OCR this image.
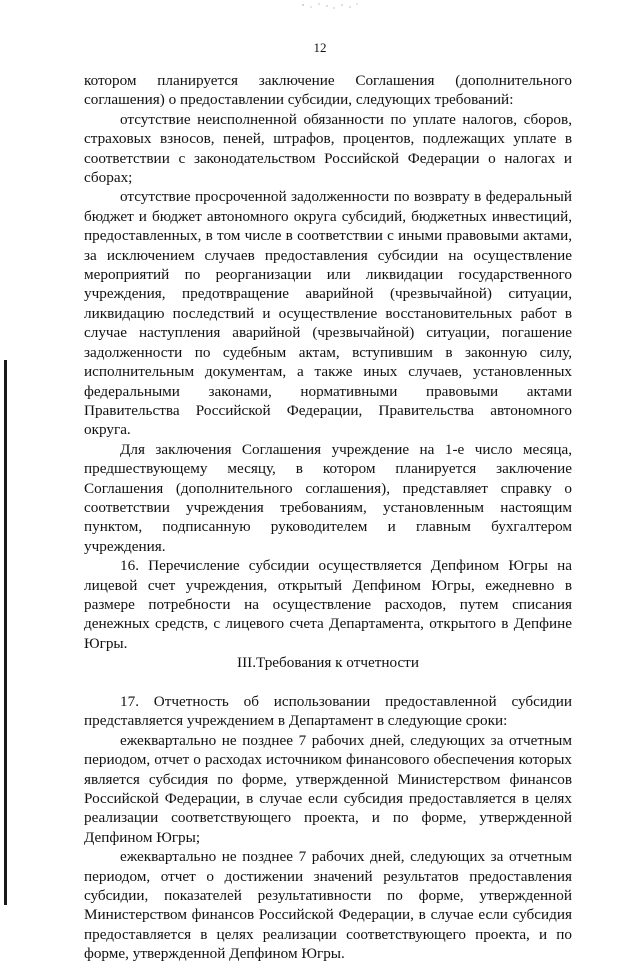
12

котором планируется заключение Соглашения (дополнительного соглашения) о предоставлении субсидии, следующих требований:

отсутствие неисполненной обязанности по уплате налогов, сборов, страховых взносов, пеней, штрафов, процентов, подлежащих уплате в соответствии с законодательством Российской Федерации о налогах и сборах;

отсутствие просроченной задолженности по возврату в федеральный бюджет и бюджет автономного округа субсидий, бюджетных инвестиций, предоставленных, в том числе в соответствии с иными правовыми актами, за исключением случаев предоставления субсидии на осуществление мероприятий по реорганизации или ликвидации государственного учреждения, предотвращение аварийной (чрезвычайной) ситуации, ликвидацию последствий и осуществление восстановительных работ в случае наступления аварийной (чрезвычайной) ситуации, погашение задолженности по судебным актам, вступившим в законную силу, исполнительным документам, а также иных случаев, установленных федеральными законами, нормативными правовыми актами Правительства Российской Федерации, Правительства автономного округа.

Для заключения Соглашения учреждение на 1-е число месяца, предшествующему месяцу, в котором планируется заключение Соглашения (дополнительного соглашения), представляет справку о соответствии учреждения требованиям, установленным настоящим пунктом, подписанную руководителем и главным бухгалтером учреждения.

16. Перечисление субсидии осуществляется Депфином Югры на лицевой счет учреждения, открытый Депфином Югры, ежедневно в размере потребности на осуществление расходов, путем списания денежных средств, с лицевого счета Департамента, открытого в Депфине Югры.

III.Требования к отчетности

17. Отчетность об использовании предоставленной субсидии представляется учреждением в Департамент в следующие сроки:

ежеквартально не позднее 7 рабочих дней, следующих за отчетным периодом, отчет о расходах источником финансового обеспечения которых является субсидия по форме, утвержденной Министерством финансов Российской Федерации, в случае если субсидия предоставляется в целях реализации соответствующего проекта, и по форме, утвержденной Депфином Югры;

ежеквартально не позднее 7 рабочих дней, следующих за отчетным периодом, отчет о достижении значений результатов предоставления субсидии, показателей результативности по форме, утвержденной Министерством финансов Российской Федерации, в случае если субсидия предоставляется в целях реализации соответствующего проекта, и по форме, утвержденной Депфином Югры.
